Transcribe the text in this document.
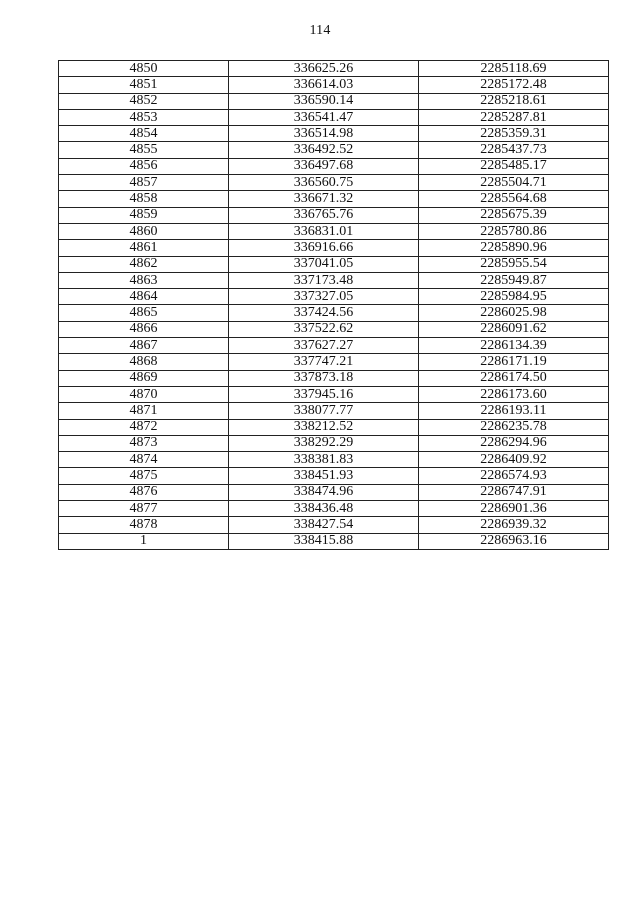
114
4850	336625.26	2285118.69
4851	336614.03	2285172.48
4852	336590.14	2285218.61
4853	336541.47	2285287.81
4854	336514.98	2285359.31
4855	336492.52	2285437.73
4856	336497.68	2285485.17
4857	336560.75	2285504.71
4858	336671.32	2285564.68
4859	336765.76	2285675.39
4860	336831.01	2285780.86
4861	336916.66	2285890.96
4862	337041.05	2285955.54
4863	337173.48	2285949.87
4864	337327.05	2285984.95
4865	337424.56	2286025.98
4866	337522.62	2286091.62
4867	337627.27	2286134.39
4868	337747.21	2286171.19
4869	337873.18	2286174.50
4870	337945.16	2286173.60
4871	338077.77	2286193.11
4872	338212.52	2286235.78
4873	338292.29	2286294.96
4874	338381.83	2286409.92
4875	338451.93	2286574.93
4876	338474.96	2286747.91
4877	338436.48	2286901.36
4878	338427.54	2286939.32
1	338415.88	2286963.16
